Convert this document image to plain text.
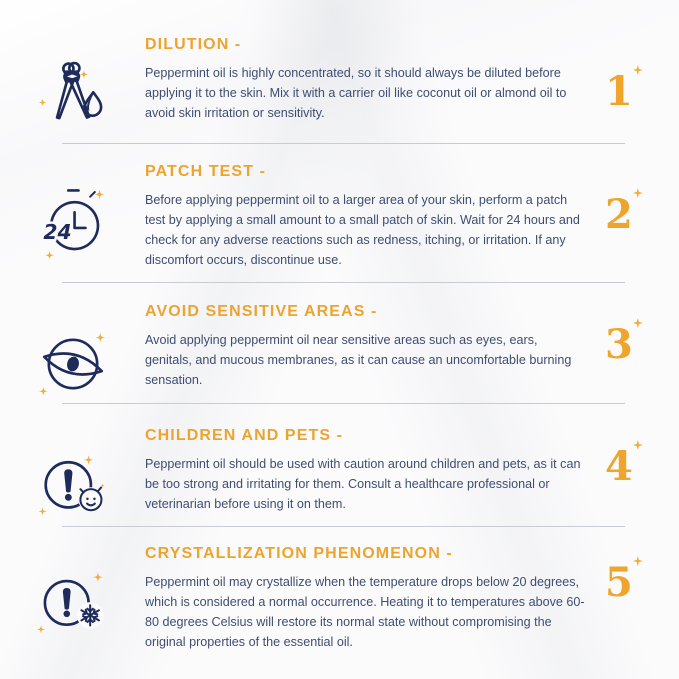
DILUTION -

Peppermint oil is highly concentrated, so it should always be diluted before applying it to the skin. Mix it with a carrier oil like coconut oil or almond oil to avoid skin irritation or sensitivity.	1
24
PATCH TEST -

Before applying peppermint oil to a larger area of your skin, perform a patch test by applying a small amount to a small patch of skin. Wait for 24 hours and check for any adverse reactions such as redness, itching, or irritation. If any discomfort occurs, discontinue use.

2
AVOID SENSITIVE AREAS -

Avoid applying peppermint oil near sensitive areas such as eyes, ears, genitals, and mucous membranes, as it can cause an uncomfortable burning sensation.

3
CHILDREN AND PETS -

Peppermint oil should be used with caution around children and pets, as it can be too strong and irritating for them. Consult a healthcare professional or veterinarian before using it on them.

4
CRYSTALLIZATION PHENOMENON -

Peppermint oil may crystallize when the temperature drops below 20 degrees, which is considered a normal occurrence. Heating it to temperatures above 60-80 degrees Celsius will restore its normal state without compromising the original properties of the essential oil.

5
